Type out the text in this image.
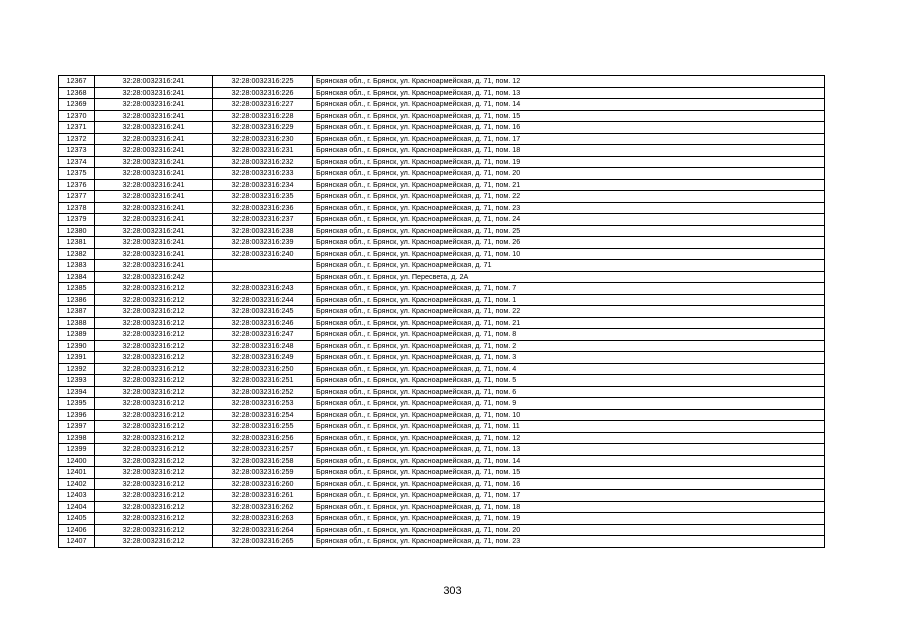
12367	32:28:0032316:241	32:28:0032316:225	Брянская обл., г. Брянск, ул. Красноармейская, д. 71, пом. 12
12368	32:28:0032316:241	32:28:0032316:226	Брянская обл., г. Брянск, ул. Красноармейская, д. 71, пом. 13
12369	32:28:0032316:241	32:28:0032316:227	Брянская обл., г. Брянск, ул. Красноармейская, д. 71, пом. 14
12370	32:28:0032316:241	32:28:0032316:228	Брянская обл., г. Брянск, ул. Красноармейская, д. 71, пом. 15
12371	32:28:0032316:241	32:28:0032316:229	Брянская обл., г. Брянск, ул. Красноармейская, д. 71, пом. 16
12372	32:28:0032316:241	32:28:0032316:230	Брянская обл., г. Брянск, ул. Красноармейская, д. 71, пом. 17
12373	32:28:0032316:241	32:28:0032316:231	Брянская обл., г. Брянск, ул. Красноармейская, д. 71, пом. 18
12374	32:28:0032316:241	32:28:0032316:232	Брянская обл., г. Брянск, ул. Красноармейская, д. 71, пом. 19
12375	32:28:0032316:241	32:28:0032316:233	Брянская обл., г. Брянск, ул. Красноармейская, д. 71, пом. 20
12376	32:28:0032316:241	32:28:0032316:234	Брянская обл., г. Брянск, ул. Красноармейская, д. 71, пом. 21
12377	32:28:0032316:241	32:28:0032316:235	Брянская обл., г. Брянск, ул. Красноармейская, д. 71, пом. 22
12378	32:28:0032316:241	32:28:0032316:236	Брянская обл., г. Брянск, ул. Красноармейская, д. 71, пом. 23
12379	32:28:0032316:241	32:28:0032316:237	Брянская обл., г. Брянск, ул. Красноармейская, д. 71, пом. 24
12380	32:28:0032316:241	32:28:0032316:238	Брянская обл., г. Брянск, ул. Красноармейская, д. 71, пом. 25
12381	32:28:0032316:241	32:28:0032316:239	Брянская обл., г. Брянск, ул. Красноармейская, д. 71, пом. 26
12382	32:28:0032316:241	32:28:0032316:240	Брянская обл., г. Брянск, ул. Красноармейская, д. 71, пом. 10
12383	32:28:0032316:241		Брянская обл., г. Брянск, ул. Красноармейская, д. 71
12384	32:28:0032316:242		Брянская обл., г. Брянск, ул. Пересвета, д. 2А
12385	32:28:0032316:212	32:28:0032316:243	Брянская обл., г. Брянск, ул. Красноармейская, д. 71, пом. 7
12386	32:28:0032316:212	32:28:0032316:244	Брянская обл., г. Брянск, ул. Красноармейская, д. 71, пом. 1
12387	32:28:0032316:212	32:28:0032316:245	Брянская обл., г. Брянск, ул. Красноармейская, д. 71, пом. 22
12388	32:28:0032316:212	32:28:0032316:246	Брянская обл., г. Брянск, ул. Красноармейская, д. 71, пом. 21
12389	32:28:0032316:212	32:28:0032316:247	Брянская обл., г. Брянск, ул. Красноармейская, д. 71, пом. 8
12390	32:28:0032316:212	32:28:0032316:248	Брянская обл., г. Брянск, ул. Красноармейская, д. 71, пом. 2
12391	32:28:0032316:212	32:28:0032316:249	Брянская обл., г. Брянск, ул. Красноармейская, д. 71, пом. 3
12392	32:28:0032316:212	32:28:0032316:250	Брянская обл., г. Брянск, ул. Красноармейская, д. 71, пом. 4
12393	32:28:0032316:212	32:28:0032316:251	Брянская обл., г. Брянск, ул. Красноармейская, д. 71, пом. 5
12394	32:28:0032316:212	32:28:0032316:252	Брянская обл., г. Брянск, ул. Красноармейская, д. 71, пом. 6
12395	32:28:0032316:212	32:28:0032316:253	Брянская обл., г. Брянск, ул. Красноармейская, д. 71, пом. 9
12396	32:28:0032316:212	32:28:0032316:254	Брянская обл., г. Брянск, ул. Красноармейская, д. 71, пом. 10
12397	32:28:0032316:212	32:28:0032316:255	Брянская обл., г. Брянск, ул. Красноармейская, д. 71, пом. 11
12398	32:28:0032316:212	32:28:0032316:256	Брянская обл., г. Брянск, ул. Красноармейская, д. 71, пом. 12
12399	32:28:0032316:212	32:28:0032316:257	Брянская обл., г. Брянск, ул. Красноармейская, д. 71, пом. 13
12400	32:28:0032316:212	32:28:0032316:258	Брянская обл., г. Брянск, ул. Красноармейская, д. 71, пом. 14
12401	32:28:0032316:212	32:28:0032316:259	Брянская обл., г. Брянск, ул. Красноармейская, д. 71, пом. 15
12402	32:28:0032316:212	32:28:0032316:260	Брянская обл., г. Брянск, ул. Красноармейская, д. 71, пом. 16
12403	32:28:0032316:212	32:28:0032316:261	Брянская обл., г. Брянск, ул. Красноармейская, д. 71, пом. 17
12404	32:28:0032316:212	32:28:0032316:262	Брянская обл., г. Брянск, ул. Красноармейская, д. 71, пом. 18
12405	32:28:0032316:212	32:28:0032316:263	Брянская обл., г. Брянск, ул. Красноармейская, д. 71, пом. 19
12406	32:28:0032316:212	32:28:0032316:264	Брянская обл., г. Брянск, ул. Красноармейская, д. 71, пом. 20
12407	32:28:0032316:212	32:28:0032316:265	Брянская обл., г. Брянск, ул. Красноармейская, д. 71, пом. 23
303
